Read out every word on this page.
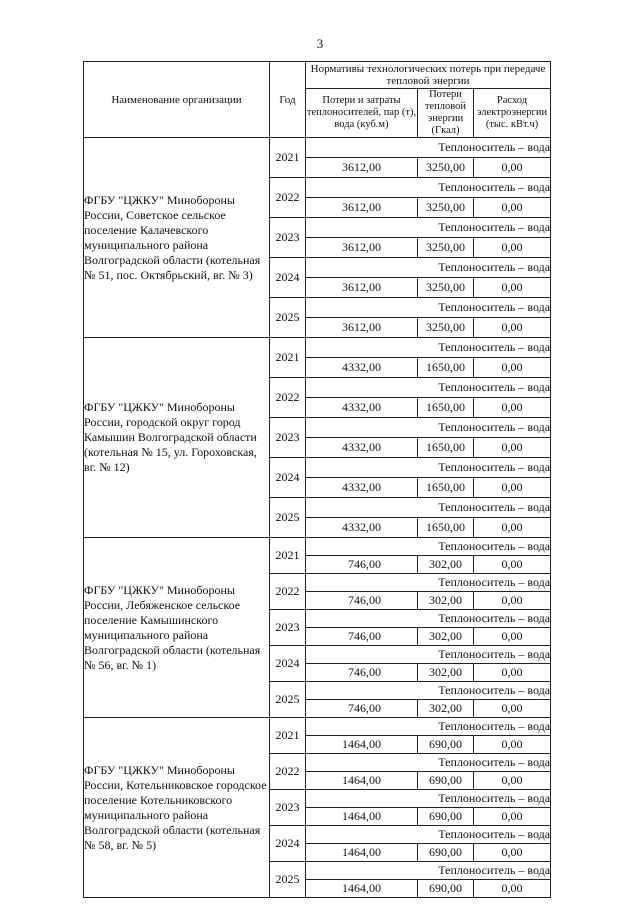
3
Наименование организации	Год	Нормативы технологических потерь при передаче тепловой энергии		
		Потери и затраты теплоносителей, пар (т), вода (куб.м)	Потери тепловой энергии (Гкал)	Расход электроэнергии (тыс. кВт.ч)
ФГБУ "ЦЖКУ" Минобороны России, Советское сельское поселение Калачевского муниципального района Волгоградской области (котельная № 51, пос. Октябрьский, вг. № 3)	2021	Теплоноситель – вода		
		3612,00	3250,00	0,00
	2022	Теплоноситель – вода		
		3612,00	3250,00	0,00
	2023	Теплоноситель – вода		
		3612,00	3250,00	0,00
	2024	Теплоноситель – вода		
		3612,00	3250,00	0,00
	2025	Теплоноситель – вода		
		3612,00	3250,00	0,00
ФГБУ "ЦЖКУ" Минобороны России, городской округ город Камышин Волгоградской области (котельная № 15, ул. Гороховская, вг. № 12)	2021	Теплоноситель – вода		
		4332,00	1650,00	0,00
	2022	Теплоноситель – вода		
		4332,00	1650,00	0,00
	2023	Теплоноситель – вода		
		4332,00	1650,00	0,00
	2024	Теплоноситель – вода		
		4332,00	1650,00	0,00
	2025	Теплоноситель – вода		
		4332,00	1650,00	0,00
ФГБУ "ЦЖКУ" Минобороны России, Лебяженское сельское поселение Камышинского муниципального района Волгоградской области (котельная № 56, вг. № 1)	2021	Теплоноситель – вода		
		746,00	302,00	0,00
	2022	Теплоноситель – вода		
		746,00	302,00	0,00
	2023	Теплоноситель – вода		
		746,00	302,00	0,00
	2024	Теплоноситель – вода		
		746,00	302,00	0,00
	2025	Теплоноситель – вода		
		746,00	302,00	0,00
ФГБУ "ЦЖКУ" Минобороны России, Котельниковское городское поселение Котельниковского муниципального района Волгоградской области (котельная № 58, вг. № 5)	2021	Теплоноситель – вода		
		1464,00	690,00	0,00
	2022	Теплоноситель – вода		
		1464,00	690,00	0,00
	2023	Теплоноситель – вода		
		1464,00	690,00	0,00
	2024	Теплоноситель – вода		
		1464,00	690,00	0,00
	2025	Теплоноситель – вода		
		1464,00	690,00	0,00
